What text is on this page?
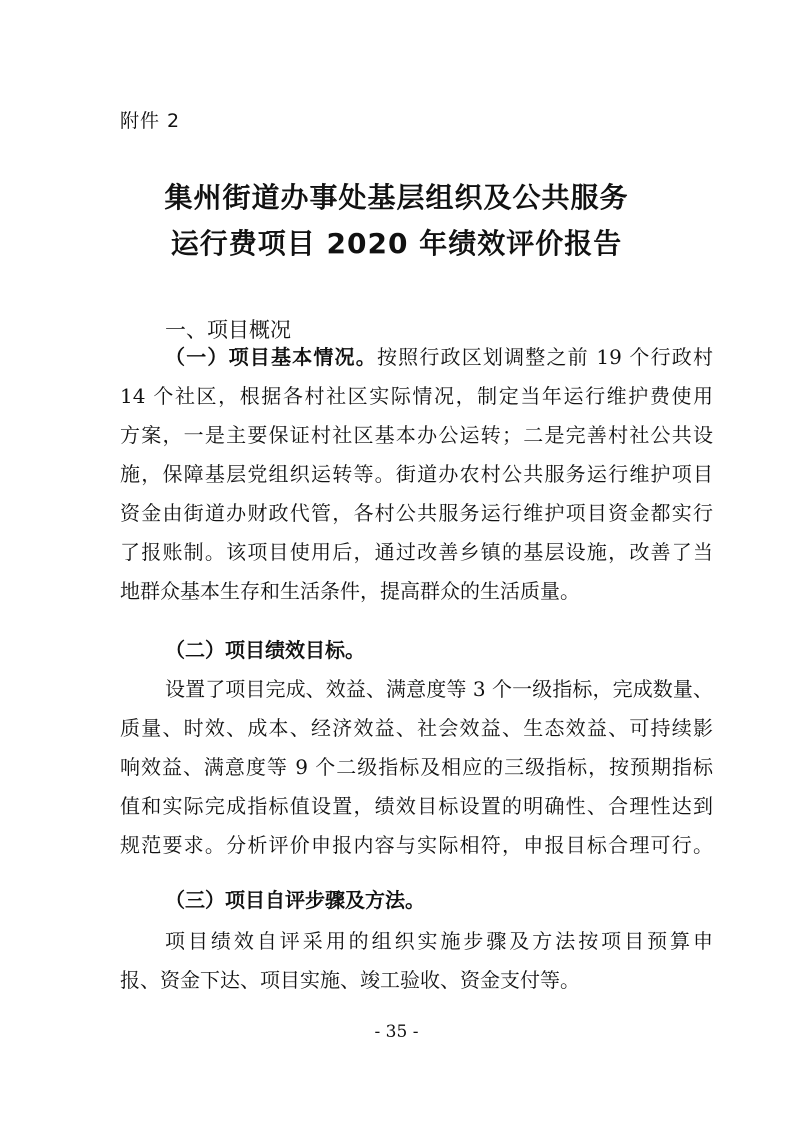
附件 2
集州街道办事处基层组织及公共服务
运行费项目 2020 年绩效评价报告
一、项目概况
（一）项目基本情况。按照行政区划调整之前 19 个行政村
14 个社区，根据各村社区实际情况，制定当年运行维护费使用
方案，一是主要保证村社区基本办公运转；二是完善村社公共设
施，保障基层党组织运转等。街道办农村公共服务运行维护项目
资金由街道办财政代管，各村公共服务运行维护项目资金都实行
了报账制。该项目使用后，通过改善乡镇的基层设施，改善了当
地群众基本生存和生活条件，提高群众的生活质量。
（二）项目绩效目标。
设置了项目完成、效益、满意度等 3 个一级指标，完成数量、
质量、时效、成本、经济效益、社会效益、生态效益、可持续影
响效益、满意度等 9 个二级指标及相应的三级指标，按预期指标
值和实际完成指标值设置，绩效目标设置的明确性、合理性达到
规范要求。分析评价申报内容与实际相符，申报目标合理可行。
（三）项目自评步骤及方法。
项目绩效自评采用的组织实施步骤及方法按项目预算申
报、资金下达、项目实施、竣工验收、资金支付等。
- 35 -
